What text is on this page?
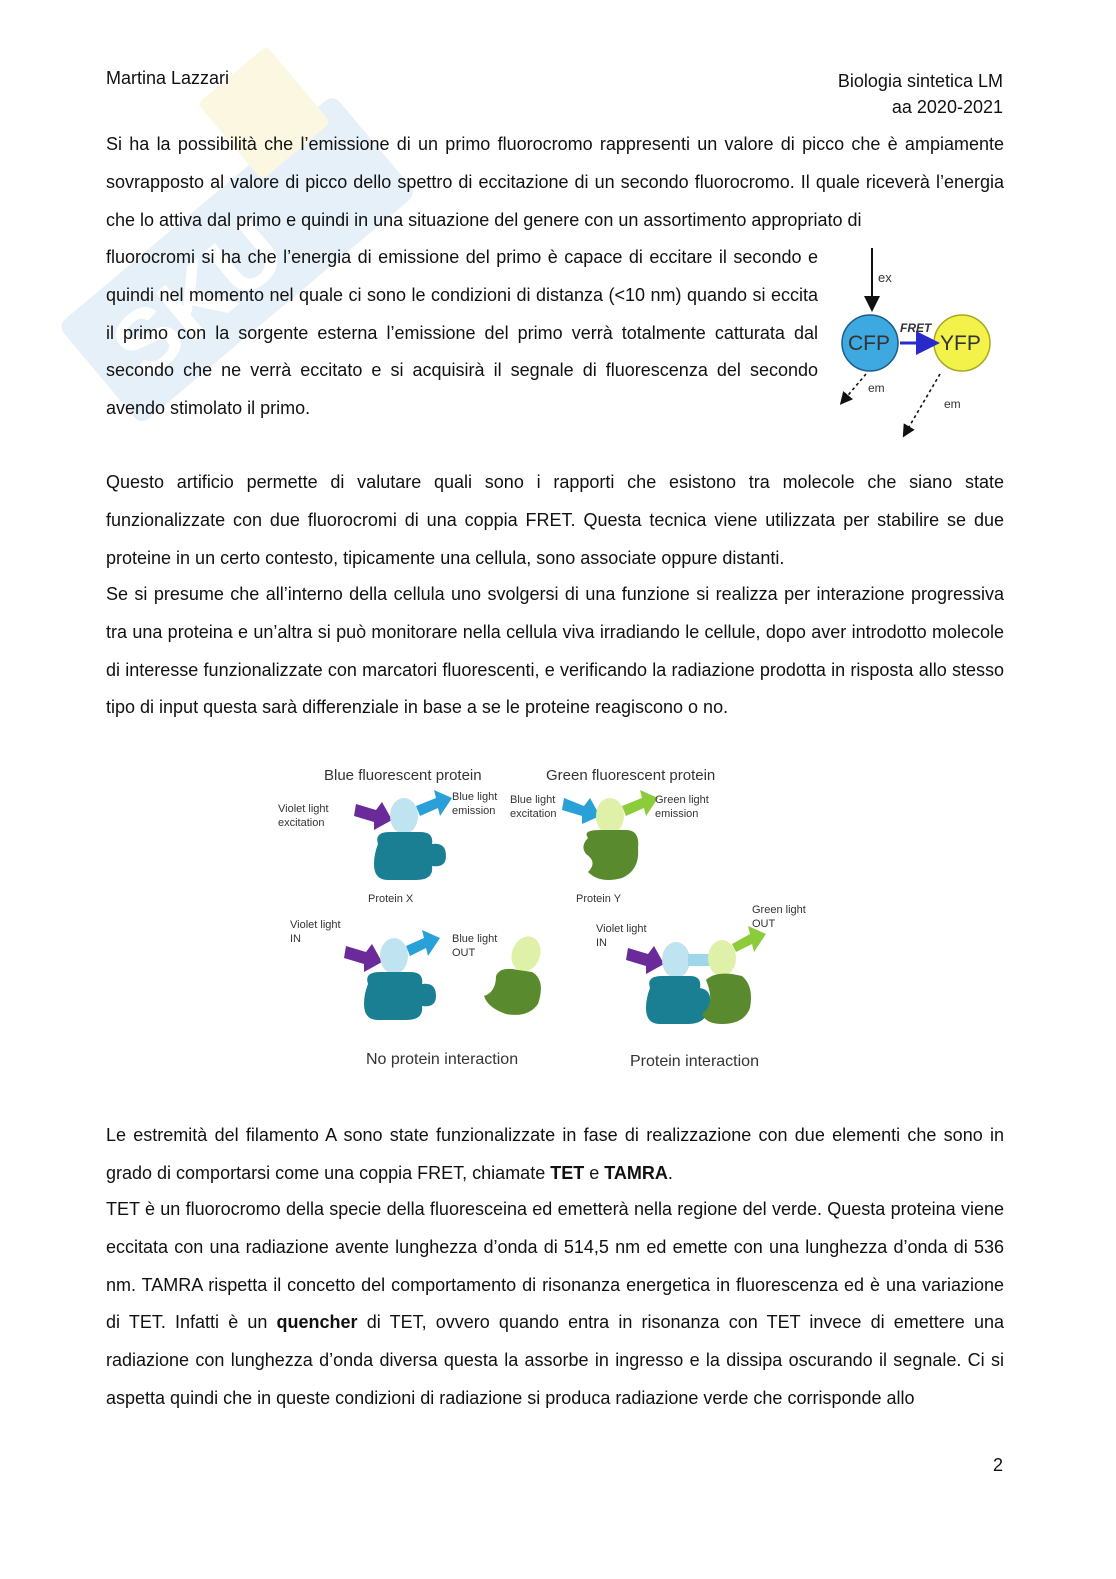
SKU
Martina Lazzari	Biologia sintetica LM
aa 2020-2021

Si ha la possibilità che l’emissione di un primo fluorocromo rappresenti un valore di picco che è ampiamente sovrapposto al valore di picco dello spettro di eccitazione di un secondo fluorocromo. Il quale riceverà l’energia che lo attiva dal primo e quindi in una situazione del genere con un assortimento appropriato di

fluorocromi si ha che l’energia di emissione del primo è capace di eccitare il secondo e quindi nel momento nel quale ci sono le condizioni di distanza (<10 nm) quando si eccita il primo con la sorgente esterna l’emissione del primo verrà totalmente catturata dal secondo che ne verrà eccitato e si acquisirà il segnale di fluorescenza del secondo avendo stimolato il primo.

ex
CFP YFP
FRET
em
em

Questo artificio permette di valutare quali sono i rapporti che esistono tra molecole che siano state funzionalizzate con due fluorocromi di una coppia FRET. Questa tecnica viene utilizzata per stabilire se due proteine in un certo contesto, tipicamente una cellula, sono associate oppure distanti.

Se si presume che all’interno della cellula uno svolgersi di una funzione si realizza per interazione progressiva tra una proteina e un’altra si può monitorare nella cellula viva irradiando le cellule, dopo aver introdotto molecole di interesse funzionalizzate con marcatori fluorescenti, e verificando la radiazione prodotta in risposta allo stesso tipo di input questa sarà differenziale in base a se le proteine reagiscono o no.

Blue fluorescent protein	Green fluorescent protein
Violet light
excitation
Blue light
emission
Protein X
Blue light
excitation
Green light
emission
Protein Y
Violet light
IN	Blue light
OUT
No protein interaction
Violet light
IN
Green light
OUT
Protein interaction

Le estremità del filamento A sono state funzionalizzate in fase di realizzazione con due elementi che sono in grado di comportarsi come una coppia FRET, chiamate TET e TAMRA.

TET è un fluorocromo della specie della fluoresceina ed emetterà nella regione del verde. Questa proteina viene eccitata con una radiazione avente lunghezza d’onda di 514,5 nm ed emette con una lunghezza d’onda di 536 nm. TAMRA rispetta il concetto del comportamento di risonanza energetica in fluorescenza ed è una variazione di TET. Infatti è un quencher di TET, ovvero quando entra in risonanza con TET invece di emettere una radiazione con lunghezza d’onda diversa questa la assorbe in ingresso e la dissipa oscurando il segnale. Ci si aspetta quindi che in queste condizioni di radiazione si produca radiazione verde che corrisponde allo

2
